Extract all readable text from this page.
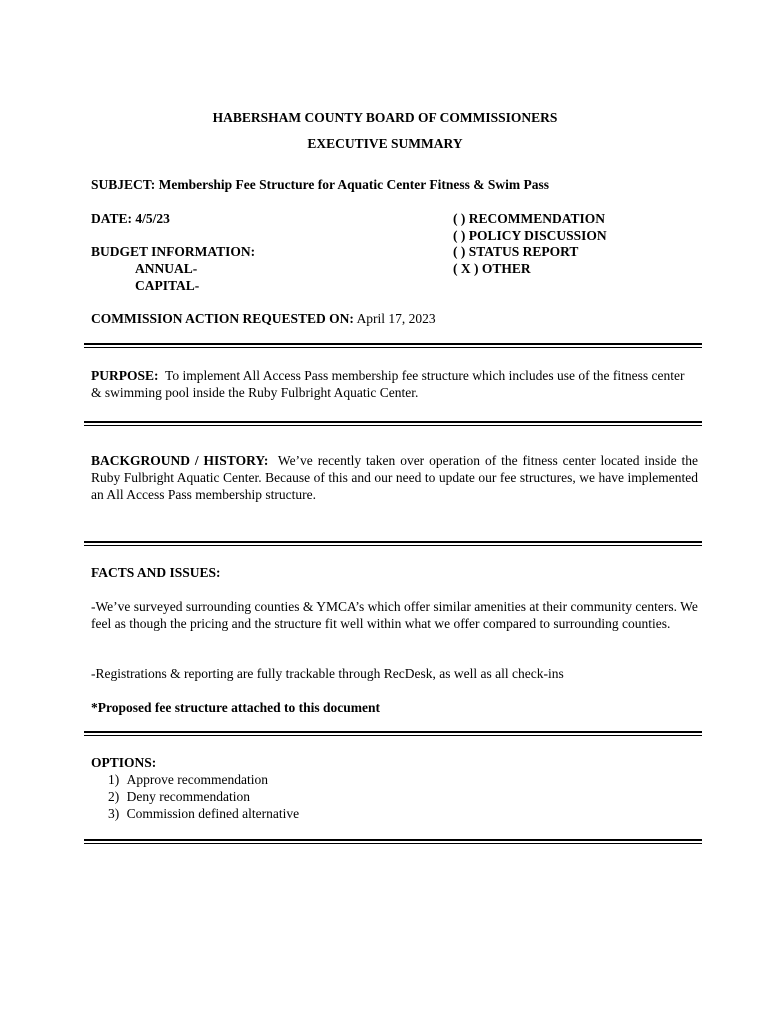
HABERSHAM COUNTY BOARD OF COMMISSIONERS
EXECUTIVE SUMMARY
SUBJECT: Membership Fee Structure for Aquatic Center Fitness & Swim Pass
DATE: 4/5/23
BUDGET INFORMATION:
ANNUAL-
CAPITAL-
( ) RECOMMENDATION
( ) POLICY DISCUSSION
( ) STATUS REPORT
( X ) OTHER
COMMISSION ACTION REQUESTED ON: April 17, 2023
PURPOSE: To implement All Access Pass membership fee structure which includes use of the fitness center & swimming pool inside the Ruby Fulbright Aquatic Center.
BACKGROUND / HISTORY: We’ve recently taken over operation of the fitness center located inside the Ruby Fulbright Aquatic Center. Because of this and our need to update our fee structures, we have implemented an All Access Pass membership structure.
FACTS AND ISSUES:
-We’ve surveyed surrounding counties & YMCA’s which offer similar amenities at their community centers. We feel as though the pricing and the structure fit well within what we offer compared to surrounding counties.
-Registrations & reporting are fully trackable through RecDesk, as well as all check-ins
*Proposed fee structure attached to this document
OPTIONS:
1) Approve recommendation
2) Deny recommendation
3) Commission defined alternative
